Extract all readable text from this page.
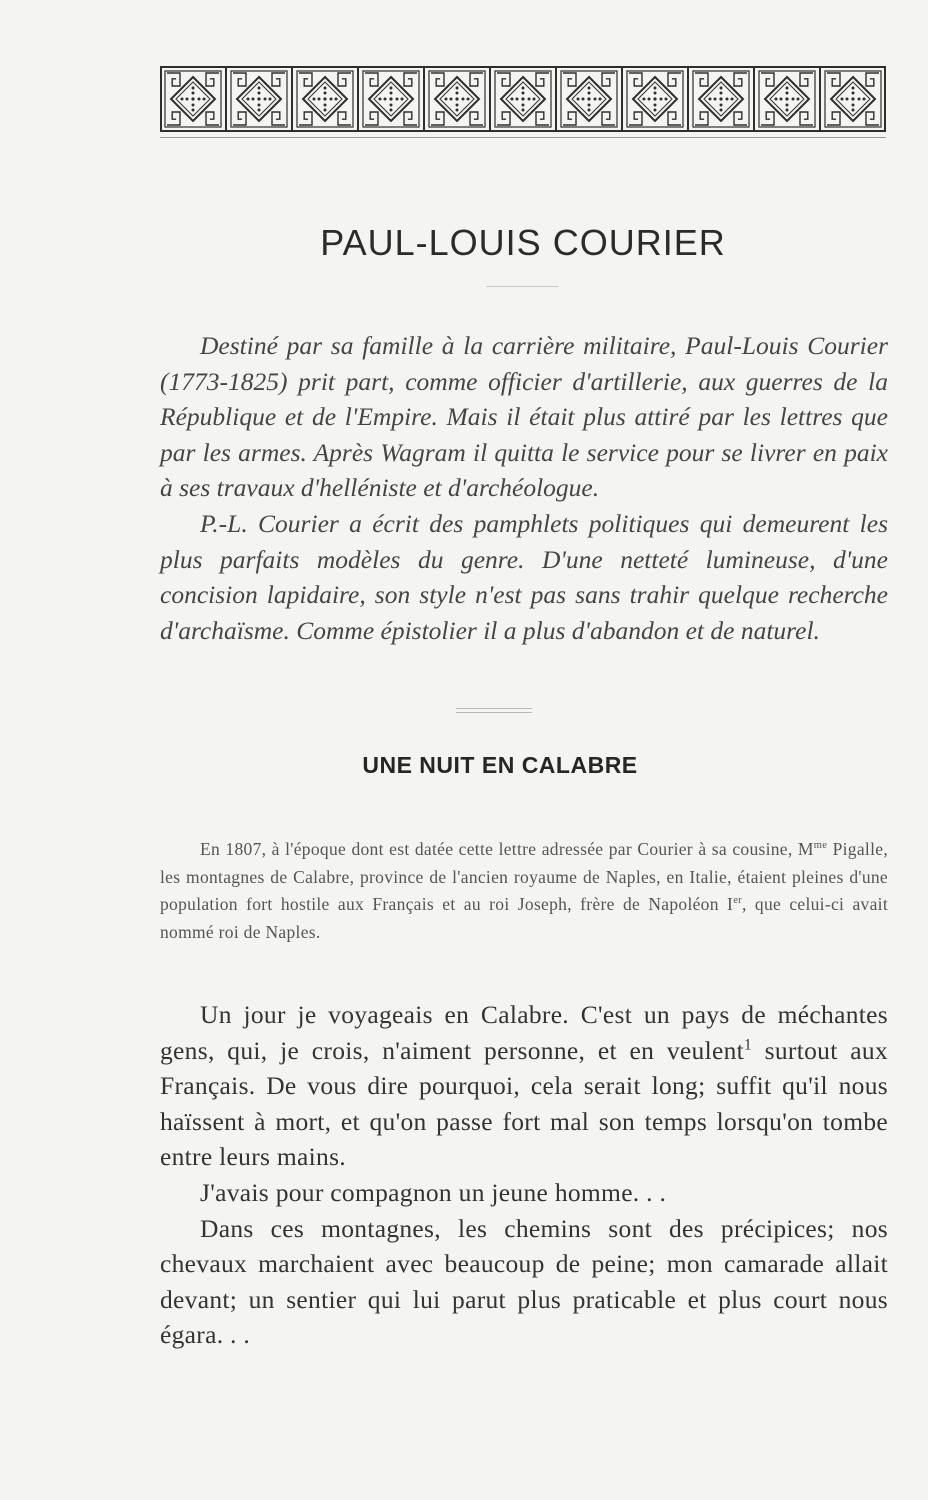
PAUL-LOUIS COURIER

Destiné par sa famille à la carrière militaire, Paul-Louis Courier (1773-1825) prit part, comme officier d'artillerie, aux guerres de la République et de l'Empire. Mais il était plus attiré par les lettres que par les armes. Après Wagram il quitta le service pour se livrer en paix à ses travaux d'helléniste et d'archéologue.

P.-L. Courier a écrit des pamphlets politiques qui demeurent les plus parfaits modèles du genre. D'une netteté lumineuse, d'une concision lapidaire, son style n'est pas sans trahir quelque recherche d'archaïsme. Comme épistolier il a plus d'abandon et de naturel.

UNE NUIT EN CALABRE

En 1807, à l'époque dont est datée cette lettre adressée par Courier à sa cousine, $M^{me}$ Pigalle, les montagnes de Calabre, province de l'ancien royaume de Naples, en Italie, étaient pleines d'une population fort hostile aux Français et au roi Joseph, frère de Napoléon Ier, que celui-ci avait nommé roi de Naples.

Un jour je voyageais en Calabre. C'est un pays de méchantes gens, qui, je crois, n'aiment personne, et en veulent$^1$ surtout aux Français. De vous dire pourquoi, cela serait long; suffit qu'il nous haïssent à mort, et qu'on passe fort mal son temps lorsqu'on tombe entre leurs mains.

J'avais pour compagnon un jeune homme. . .

Dans ces montagnes, les chemins sont des précipices; nos chevaux marchaient avec beaucoup de peine; mon camarade allait devant; un sentier qui lui parut plus praticable et plus court nous égara. . .
